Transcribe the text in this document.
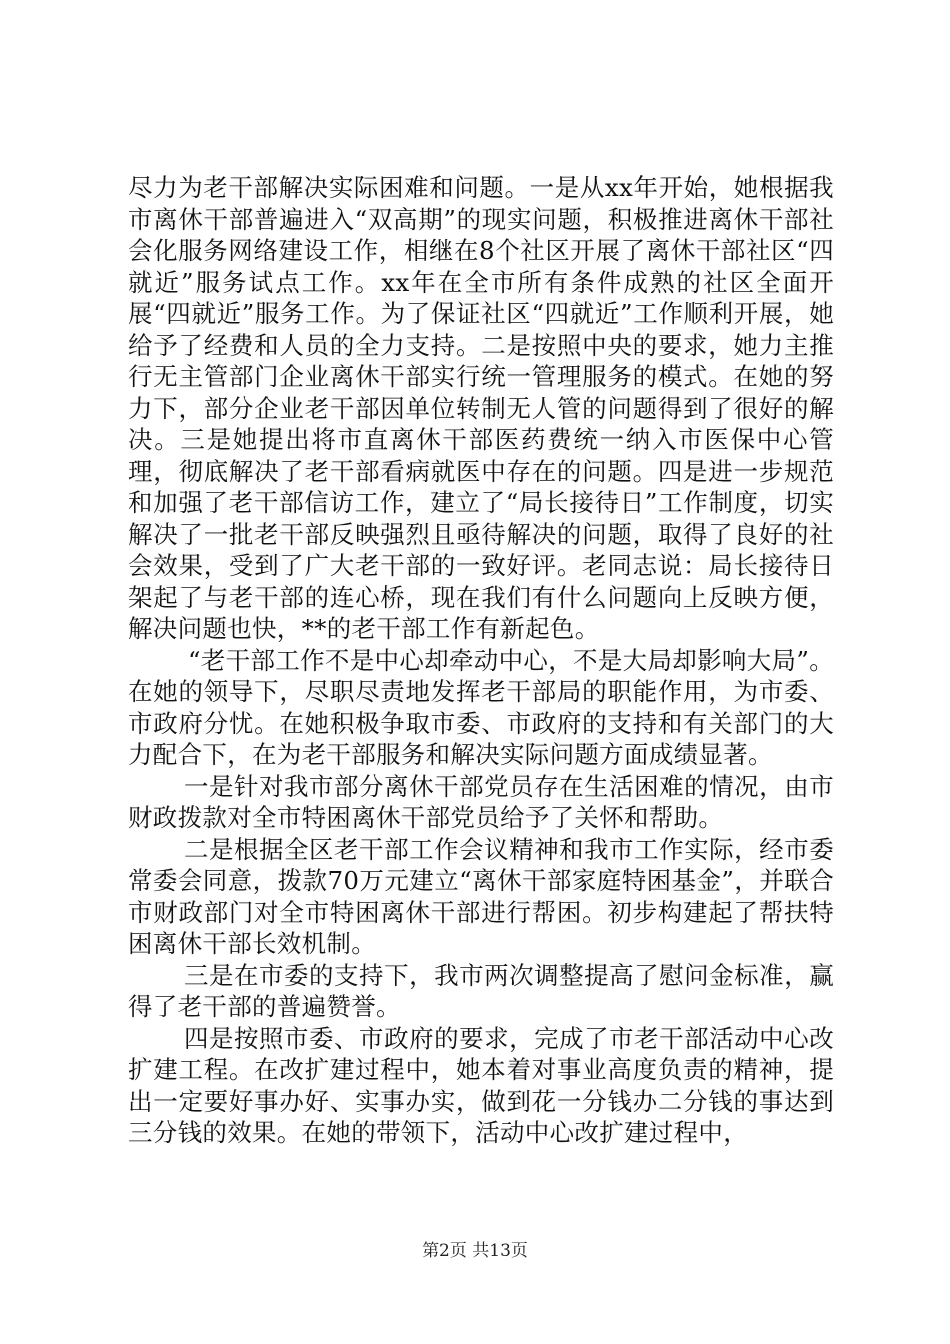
尽力为老干部解决实际困难和问题。一是从xx年开始，她根据我市离休干部普遍进入“双高期”的现实问题，积极推进离休干部社会化服务网络建设工作，相继在8个社区开展了离休干部社区“四就近”服务试点工作。xx年在全市所有条件成熟的社区全面开展“四就近”服务工作。为了保证社区“四就近”工作顺利开展，她给予了经费和人员的全力支持。二是按照中央的要求，她力主推行无主管部门企业离休干部实行统一管理服务的模式。在她的努力下，部分企业老干部因单位转制无人管的问题得到了很好的解决。三是她提出将市直离休干部医药费统一纳入市医保中心管理，彻底解决了老干部看病就医中存在的问题。四是进一步规范和加强了老干部信访工作，建立了“局长接待日”工作制度，切实解决了一批老干部反映强烈且亟待解决的问题，取得了良好的社会效果，受到了广大老干部的一致好评。老同志说：局长接待日架起了与老干部的连心桥，现在我们有什么问题向上反映方便，解决问题也快，**的老干部工作有新起色。

“老干部工作不是中心却牵动中心，不是大局却影响大局”。在她的领导下，尽职尽责地发挥老干部局的职能作用，为市委、市政府分忧。在她积极争取市委、市政府的支持和有关部门的大力配合下，在为老干部服务和解决实际问题方面成绩显著。

一是针对我市部分离休干部党员存在生活困难的情况，由市财政拨款对全市特困离休干部党员给予了关怀和帮助。

二是根据全区老干部工作会议精神和我市工作实际，经市委常委会同意，拨款70万元建立“离休干部家庭特困基金”，并联合市财政部门对全市特困离休干部进行帮困。初步构建起了帮扶特困离休干部长效机制。

三是在市委的支持下，我市两次调整提高了慰问金标准，赢得了老干部的普遍赞誉。

四是按照市委、市政府的要求，完成了市老干部活动中心改扩建工程。在改扩建过程中，她本着对事业高度负责的精神，提出一定要好事办好、实事办实，做到花一分钱办二分钱的事达到三分钱的效果。在她的带领下，活动中心改扩建过程中，

第2页 共13页
